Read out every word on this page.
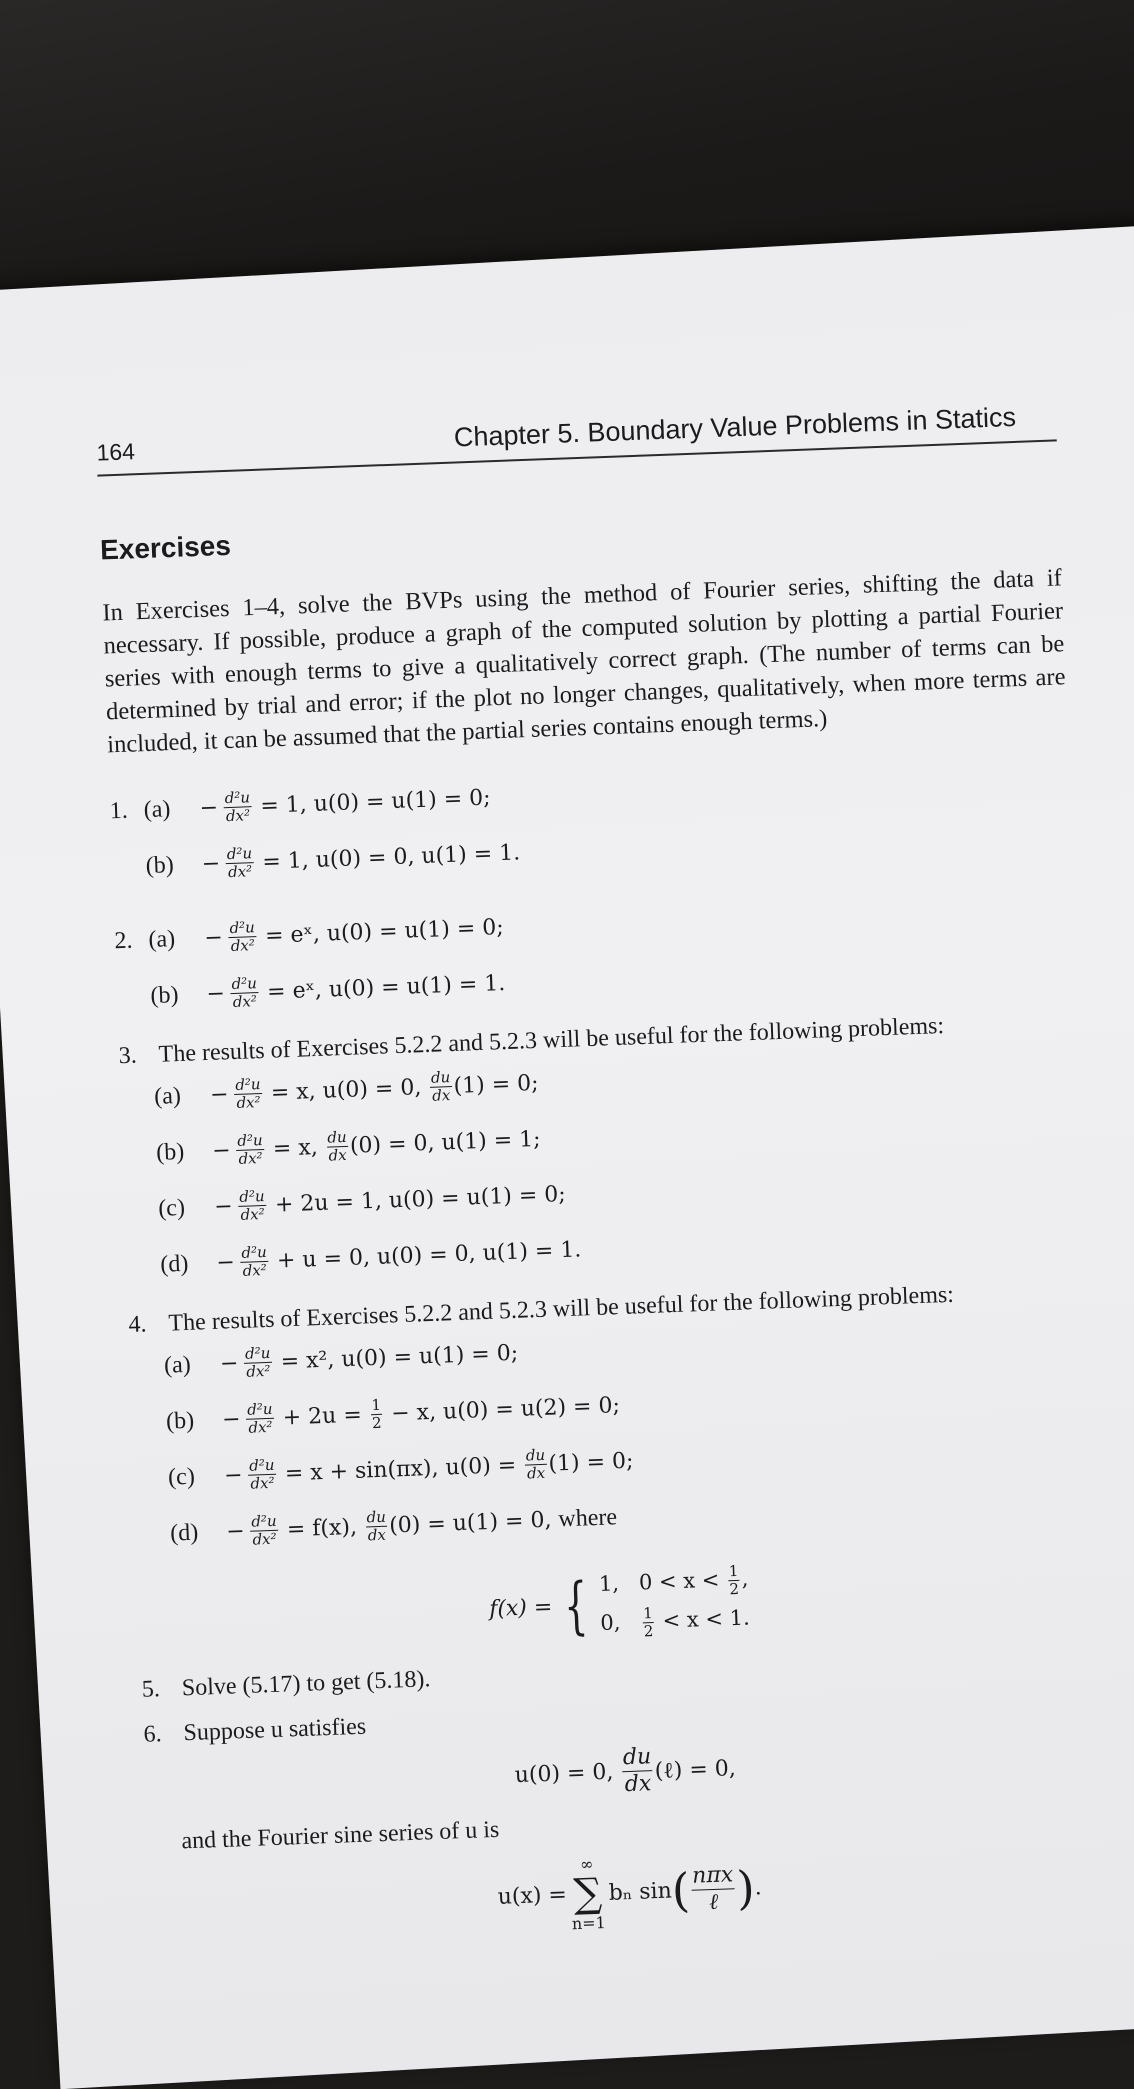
164	Chapter 5. Boundary Value Problems in Statics
Exercises
In Exercises 1–4, solve the BVPs using the method of Fourier series, shifting the data if necessary. If possible, produce a graph of the computed solution by plotting a partial Fourier series with enough terms to give a qualitatively correct graph. (The number of terms can be determined by trial and error; if the plot no longer changes, qualitatively, when more terms are included, it can be assumed that the partial series contains enough terms.)
1. (a)	− $\frac{\text{d²u}}{\text{dx²}}$
= 1, u(0) = u(1) = 0;
(b)	− $\frac{\text{d²u}}{\text{dx²}}$
= 1, u(0) = 0, u(1) = 1.
2. (a)	− $\frac{\text{d²u}}{\text{dx²}}$
= eˣ, u(0) = u(1) = 0;
(b)	− $\frac{\text{d²u}}{\text{dx²}}$
= eˣ, u(0) = u(1) = 1.
3. The results of Exercises 5.2.2 and 5.2.3 will be useful for the following problems:
(a)	− $\frac{\text{d²u}}{\text{dx²}}$
= x, u(0) = 0,
$\frac{du}{dx} (1) = 0$;
(b)	− $\frac{\text{d²u}}{\text{dx²}}$
= x,
$\frac{du}{dx} (0) = 0$, u(1) = 1;
(c)	− $\frac{\text{d²u}}{\text{dx²}}$
+ 2u = 1, u(0) = u(1) = 0;
(d)	− $\frac{\text{d²u}}{\text{dx²}}$
+ u = 0, u(0) = 0, u(1) = 1.
4. The results of Exercises 5.2.2 and 5.2.3 will be useful for the following problems:
(a)	− $\frac{\text{d²u}}{\text{dx²}}$
= x², u(0) = u(1) = 0;
(b)	− $\frac{\text{d²u}}{\text{dx²}}$
+ 2u =
$\frac{1}{2}$
− x, u(0) = u(2) = 0;
(c)	− $\frac{\text{d²u}}{\text{dx²}}$
= x + sin(πx), u(0) =
$\frac{du}{dx} (1) = 0$;
(d)	− $\frac{\text{d²u}}{\text{dx²}}$
= f(x),
$\frac{du}{dx} (0) = u(1) = 0$,
where
f(x) = { 1, $0 < x < \frac{1}{2}$ ,
0, $\frac{1}{2} < x < 1$.
5. Solve (5.17) to get (5.18).
6. Suppose u satisfies
u(0) = 0,
$\frac{du}{dx}$ (ℓ) = 0,
and the Fourier sine series of u is
u(x) =
∞
∑
n=1
bₙ sin
( $\frac{\text{nπx}}{\text{ℓ}}$ )
.
